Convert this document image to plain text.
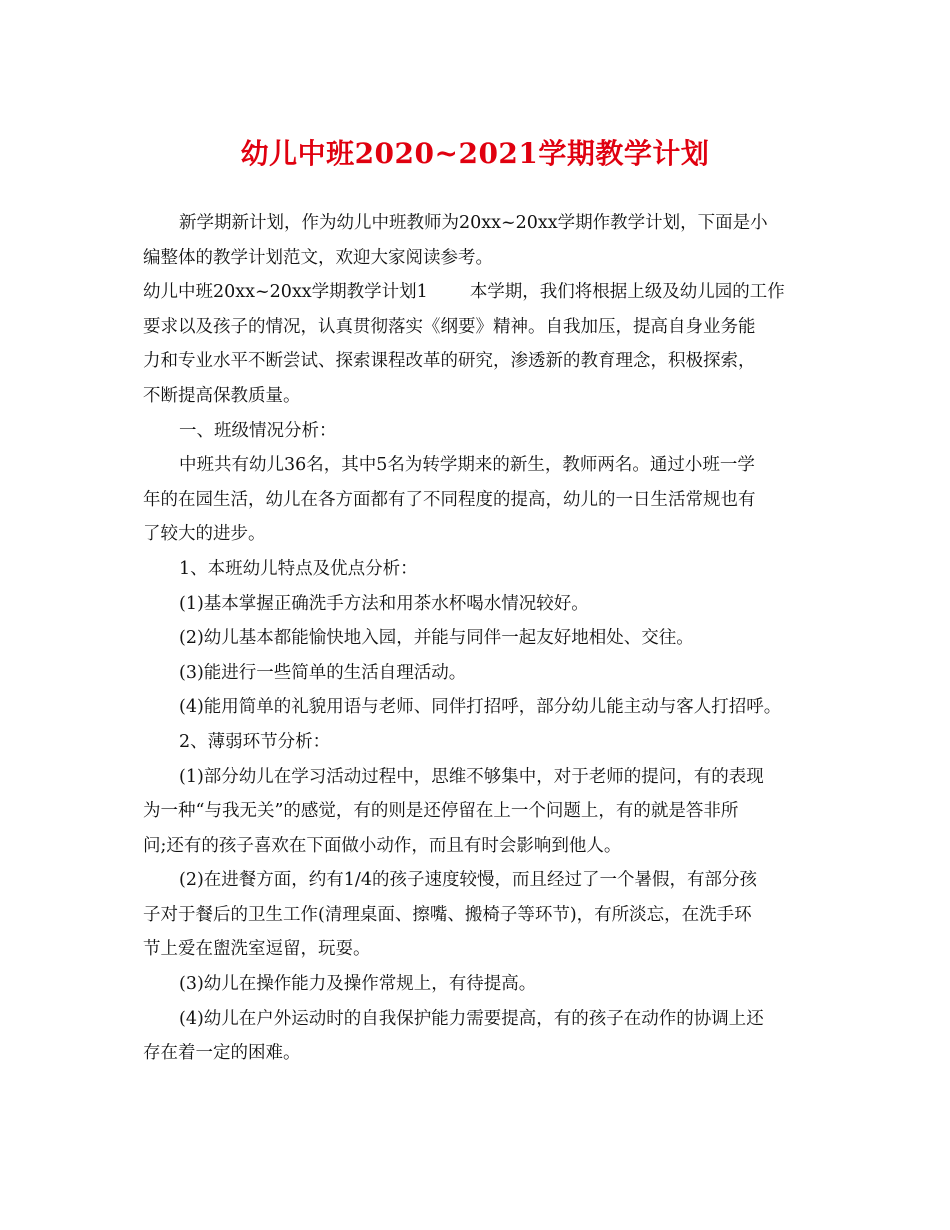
幼儿中班2020~2021学期教学计划

新学期新计划，作为幼儿中班教师为20xx~20xx学期作教学计划，下面是小

编整体的教学计划范文，欢迎大家阅读参考。

幼儿中班20xx~20xx学期教学计划1 本学期，我们将根据上级及幼儿园的工作

要求以及孩子的情况，认真贯彻落实《纲要》精神。自我加压，提高自身业务能

力和专业水平不断尝试、探索课程改革的研究，渗透新的教育理念，积极探索，

不断提高保教质量。

一、班级情况分析：

中班共有幼儿36名，其中5名为转学期来的新生，教师两名。通过小班一学

年的在园生活，幼儿在各方面都有了不同程度的提高，幼儿的一日生活常规也有

了较大的进步。

1、本班幼儿特点及优点分析：

(1)基本掌握正确洗手方法和用茶水杯喝水情况较好。

(2)幼儿基本都能愉快地入园，并能与同伴一起友好地相处、交往。

(3)能进行一些简单的生活自理活动。

(4)能用简单的礼貌用语与老师、同伴打招呼，部分幼儿能主动与客人打招呼。

2、薄弱环节分析：

(1)部分幼儿在学习活动过程中，思维不够集中，对于老师的提问，有的表现

为一种“与我无关”的感觉，有的则是还停留在上一个问题上，有的就是答非所

问;还有的孩子喜欢在下面做小动作，而且有时会影响到他人。

(2)在进餐方面，约有1/4的孩子速度较慢，而且经过了一个暑假，有部分孩

子对于餐后的卫生工作(清理桌面、擦嘴、搬椅子等环节)，有所淡忘，在洗手环

节上爱在盥洗室逗留，玩耍。

(3)幼儿在操作能力及操作常规上，有待提高。

(4)幼儿在户外运动时的自我保护能力需要提高，有的孩子在动作的协调上还

存在着一定的困难。
